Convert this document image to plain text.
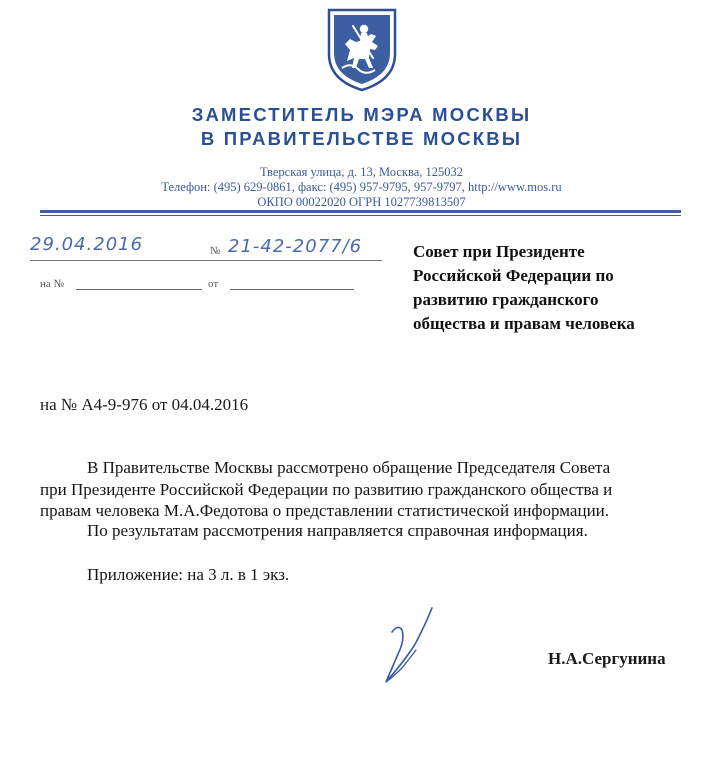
ЗАМЕСТИТЕЛЬ МЭРА МОСКВЫ
В ПРАВИТЕЛЬСТВЕ МОСКВЫ
Тверская улица, д. 13, Москва, 125032
Телефон: (495) 629-0861, факс: (495) 957-9795, 957-9797, http://www.mos.ru
ОКПО 00022020 ОГРН 1027739813507
29.04.2016	№ 21-42-2077/6
на №	от
Совет при Президенте
Российской Федерации по
развитию гражданского
общества и правам человека
на № А4-9-976 от 04.04.2016
В Правительстве Москвы рассмотрено обращение Председателя Совета
при Президенте Российской Федерации по развитию гражданского общества и
правам человека М.А.Федотова о представлении статистической информации.
По результатам рассмотрения направляется справочная информация.
Приложение: на 3 л. в 1 экз.
Н.А.Сергунина
